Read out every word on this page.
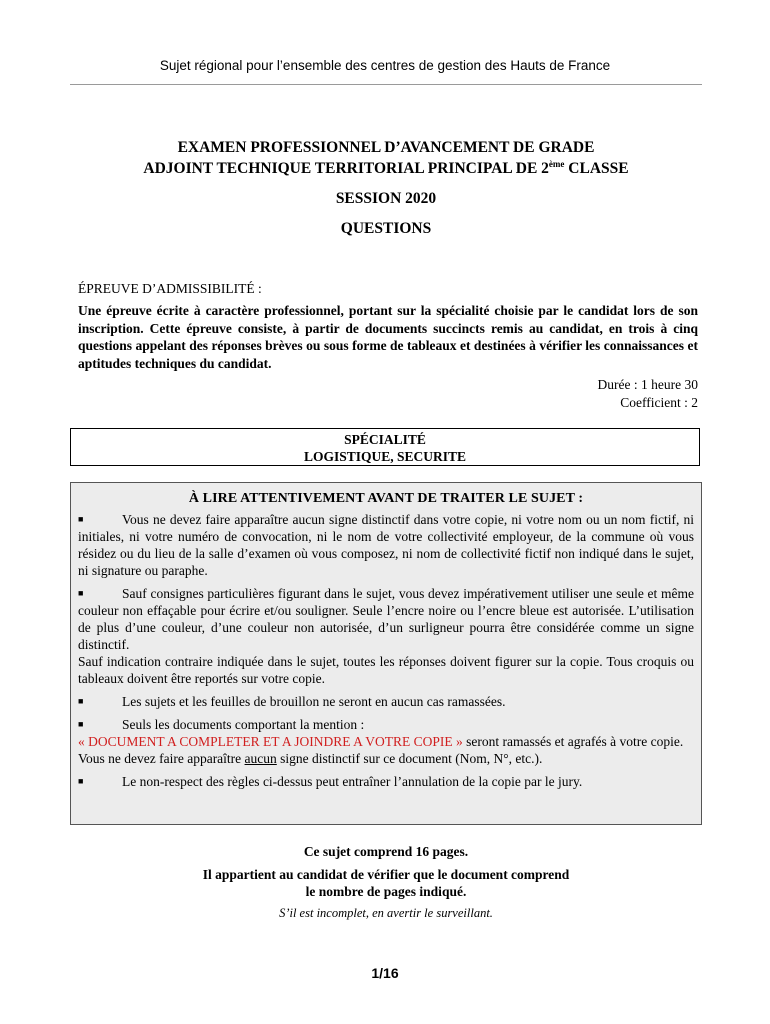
Sujet régional pour l’ensemble des centres de gestion des Hauts de France
EXAMEN PROFESSIONNEL D’AVANCEMENT DE GRADE
ADJOINT TECHNIQUE TERRITORIAL PRINCIPAL DE 2ème CLASSE
SESSION 2020
QUESTIONS
ÉPREUVE D’ADMISSIBILITÉ :
Une épreuve écrite à caractère professionnel, portant sur la spécialité choisie par le candidat lors de son inscription. Cette épreuve consiste, à partir de documents succincts remis au candidat, en trois à cinq questions appelant des réponses brèves ou sous forme de tableaux et destinées à vérifier les connaissances et aptitudes techniques du candidat.
Durée : 1 heure 30
Coefficient : 2
SPÉCIALITÉ
LOGISTIQUE, SECURITE
À LIRE ATTENTIVEMENT AVANT DE TRAITER LE SUJET :
■	Vous ne devez faire apparaître aucun signe distinctif dans votre copie, ni votre nom ou un nom fictif, ni initiales, ni votre numéro de convocation, ni le nom de votre collectivité employeur, de la commune où vous résidez ou du lieu de la salle d’examen où vous composez, ni nom de collectivité fictif non indiqué dans le sujet, ni signature ou paraphe.
■	Sauf consignes particulières figurant dans le sujet, vous devez impérativement utiliser une seule et même couleur non effaçable pour écrire et/ou souligner. Seule l’encre noire ou l’encre bleue est autorisée. L’utilisation de plus d’une couleur, d’une couleur non autorisée, d’un surligneur pourra être considérée comme un signe distinctif.

Sauf indication contraire indiquée dans le sujet, toutes les réponses doivent figurer sur la copie. Tous croquis ou tableaux doivent être reportés sur votre copie.

■	Les sujets et les feuilles de brouillon ne seront en aucun cas ramassées.
■	Seuls les documents comportant la mention :

« DOCUMENT A COMPLETER ET A JOINDRE A VOTRE COPIE » seront ramassés et agrafés à votre copie.

Vous ne devez faire apparaître aucun signe distinctif sur ce document (Nom, N°, etc.).

■	Le non-respect des règles ci-dessus peut entraîner l’annulation de la copie par le jury.
Ce sujet comprend 16 pages.
Il appartient au candidat de vérifier que le document comprend
le nombre de pages indiqué.
S’il est incomplet, en avertir le surveillant.
1/16
